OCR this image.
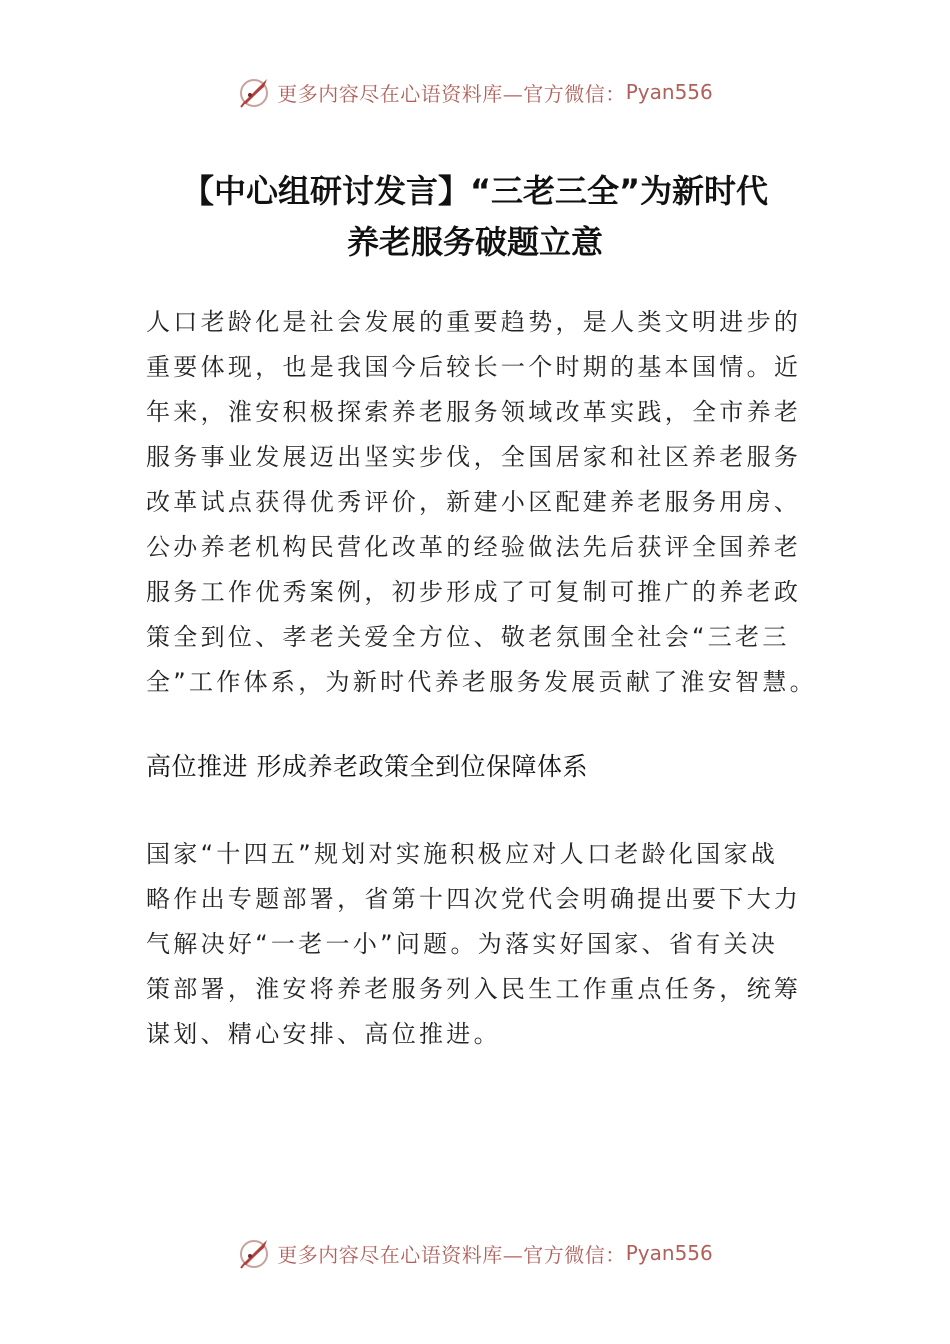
更多内容尽在心语资料库—官方微信： Pyan556
【中心组研讨发言】“三老三全”为新时代
养老服务破题立意
人口老龄化是社会发展的重要趋势，是人类文明进步的
重要体现，也是我国今后较长一个时期的基本国情。近
年来，淮安积极探索养老服务领域改革实践，全市养老
服务事业发展迈出坚实步伐，全国居家和社区养老服务
改革试点获得优秀评价，新建小区配建养老服务用房、
公办养老机构民营化改革的经验做法先后获评全国养老
服务工作优秀案例，初步形成了可复制可推广的养老政
策全到位、孝老关爱全方位、敬老氛围全社会“三老三
全”工作体系，为新时代养老服务发展贡献了淮安智慧。
高位推进 形成养老政策全到位保障体系
国家“十四五”规划对实施积极应对人口老龄化国家战
略作出专题部署，省第十四次党代会明确提出要下大力
气解决好“一老一小”问题。为落实好国家、省有关决
策部署，淮安将养老服务列入民生工作重点任务，统筹
谋划、精心安排、高位推进。
更多内容尽在心语资料库—官方微信： Pyan556
